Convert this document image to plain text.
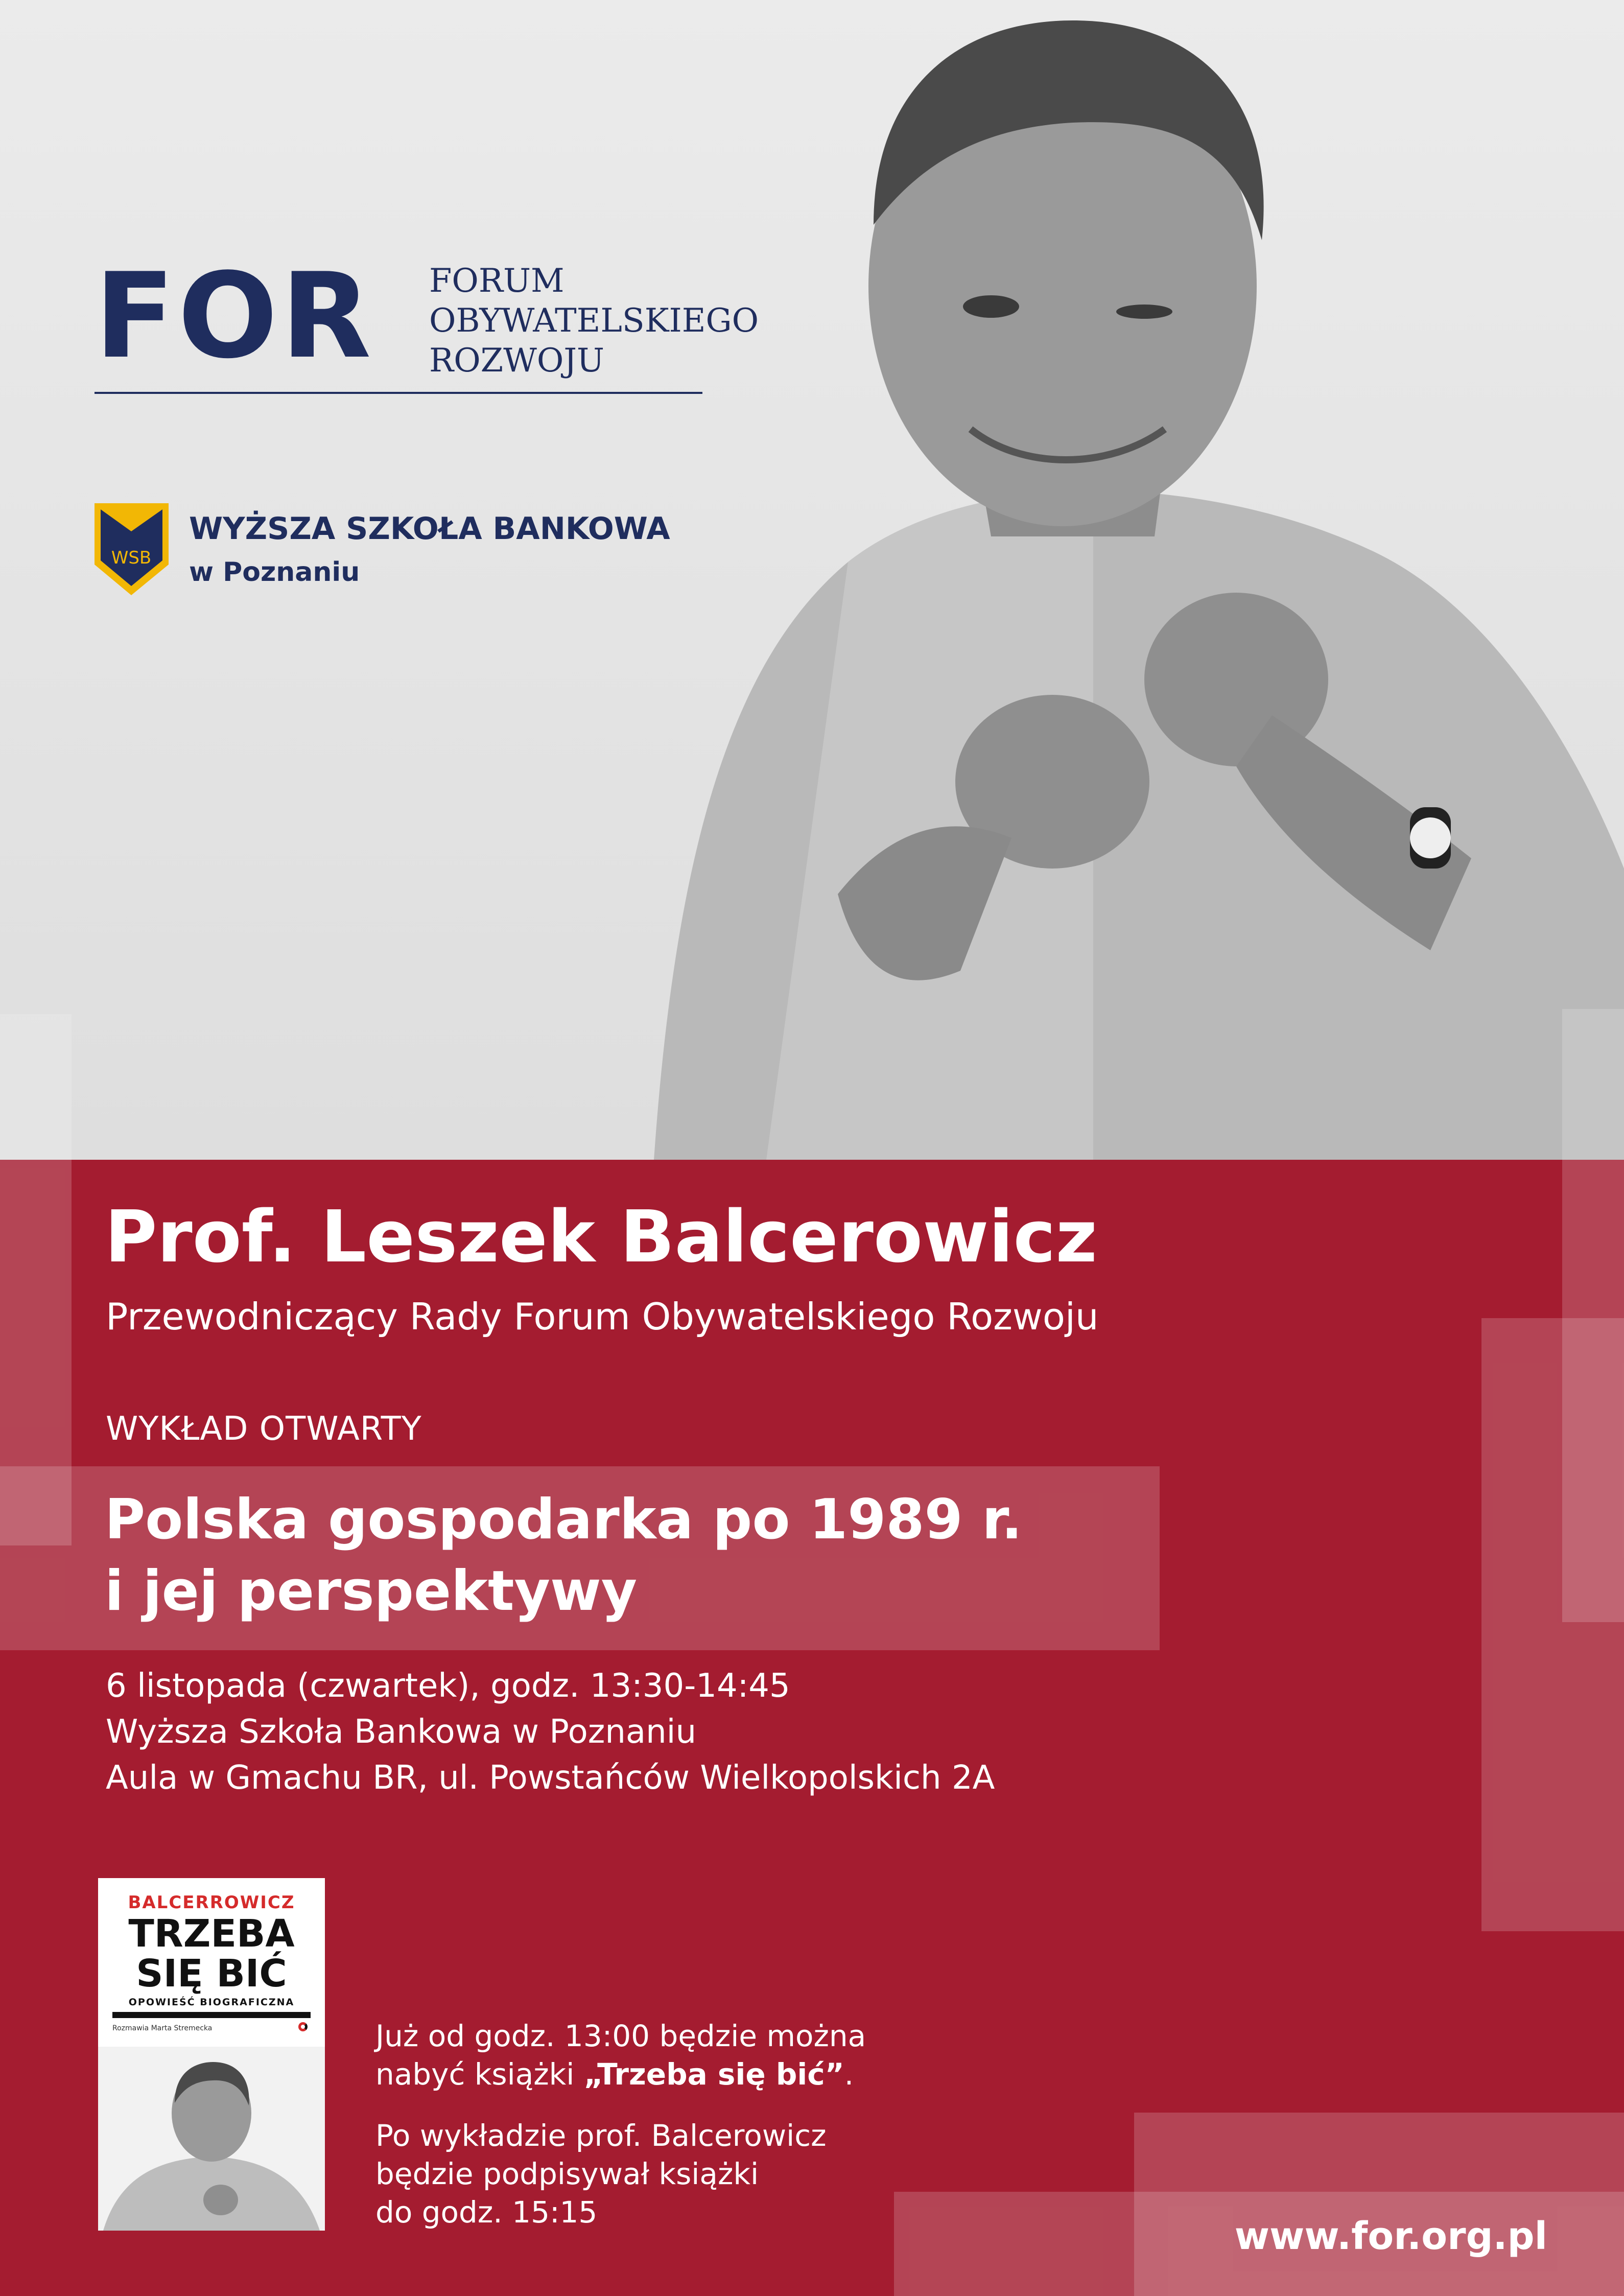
FOR FORUM
OBYWATELSKIEGO
ROZWOJU
WSB
WYŻSZA SZKOŁA BANKOWA
w Poznaniu
Prof. Leszek Balcerowicz
Przewodniczący Rady Forum Obywatelskiego Rozwoju
WYKŁAD OTWARTY
Polska gospodarka po 1989 r.
i jej perspektywy
6 listopada (czwartek), godz. 13:30-14:45
Wyższa Szkoła Bankowa w Poznaniu
Aula w Gmachu BR, ul. Powstańców Wielkopolskich 2A
BALCERROWICZ
TRZEBA
SIĘ BIĆ
OPOWIEŚĆ BIOGRAFICZNA
Rozmawia Marta Stremecka	Już od godz. 13:00 będzie można
nabyć książki „Trzeba się bić”.
Po wykładzie prof. Balcerowicz
będzie podpisywał książki
do godz. 15:15
www.for.org.pl
